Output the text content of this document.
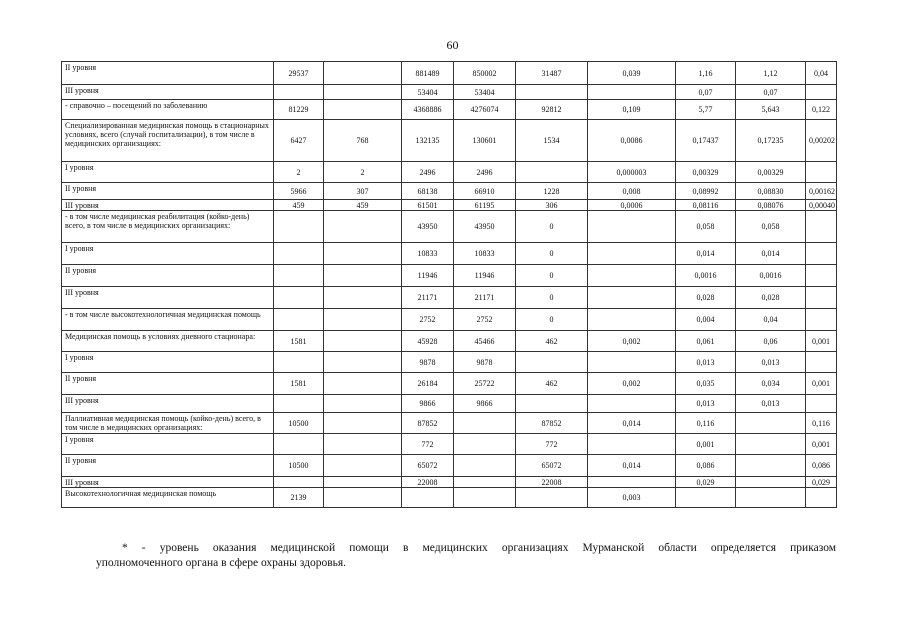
60
II уровня	29537		881489	850002	31487	0,039	1,16	1,12	0,04
III уровня			53404	53404			0,07	0,07	
- справочно – посещений по заболеванию	81229		4368886	4276074	92812	0,109	5,77	5,643	0,122
Специализированная медицинская помощь в стационарных условиях, всего (случай госпитализации), в том числе в медицинских организациях:	6427	768	132135	130601	1534	0,0086	0,17437	0,17235	0,00202
I уровня	2	2	2496	2496		0,000003	0,00329	0,00329	
II уровня	5966	307	68138	66910	1228	0,008	0,08992	0,08830	0,00162
III уровня	459	459	61501	61195	306	0,0006	0,08116	0,08076	0,00040
- в том числе медицинская реабилитация (койко-день) всего, в том числе в медицинских организациях:			43950	43950	0		0,058	0,058	
I уровня			10833	10833	0		0,014	0,014	
II уровня			11946	11946	0		0,0016	0,0016	
III уровня			21171	21171	0		0,028	0,028	
- в том числе высокотехнологичная медицинская помощь			2752	2752	0		0,004	0,04	
Медицинская помощь в условиях дневного стационара:	1581		45928	45466	462	0,002	0,061	0,06	0,001
I уровня			9878	9878			0,013	0,013	
II уровня	1581		26184	25722	462	0,002	0,035	0,034	0,001
III уровня			9866	9866			0,013	0,013	
Паллиативная медицинская помощь (койко-день) всего, в том числе в медицинских организациях:	10500		87852		87852	0,014	0,116		0,116
I уровня			772		772		0,001		0,001
II уровня	10500		65072		65072	0,014	0,086		0,086
III уровня			22008		22008		0,029		0,029
Высокотехнологичная медицинская помощь	2139					0,003			
* - уровень оказания медицинской помощи в медицинских организациях Мурманской области определяется приказом
уполномоченного органа в сфере охраны здоровья.
